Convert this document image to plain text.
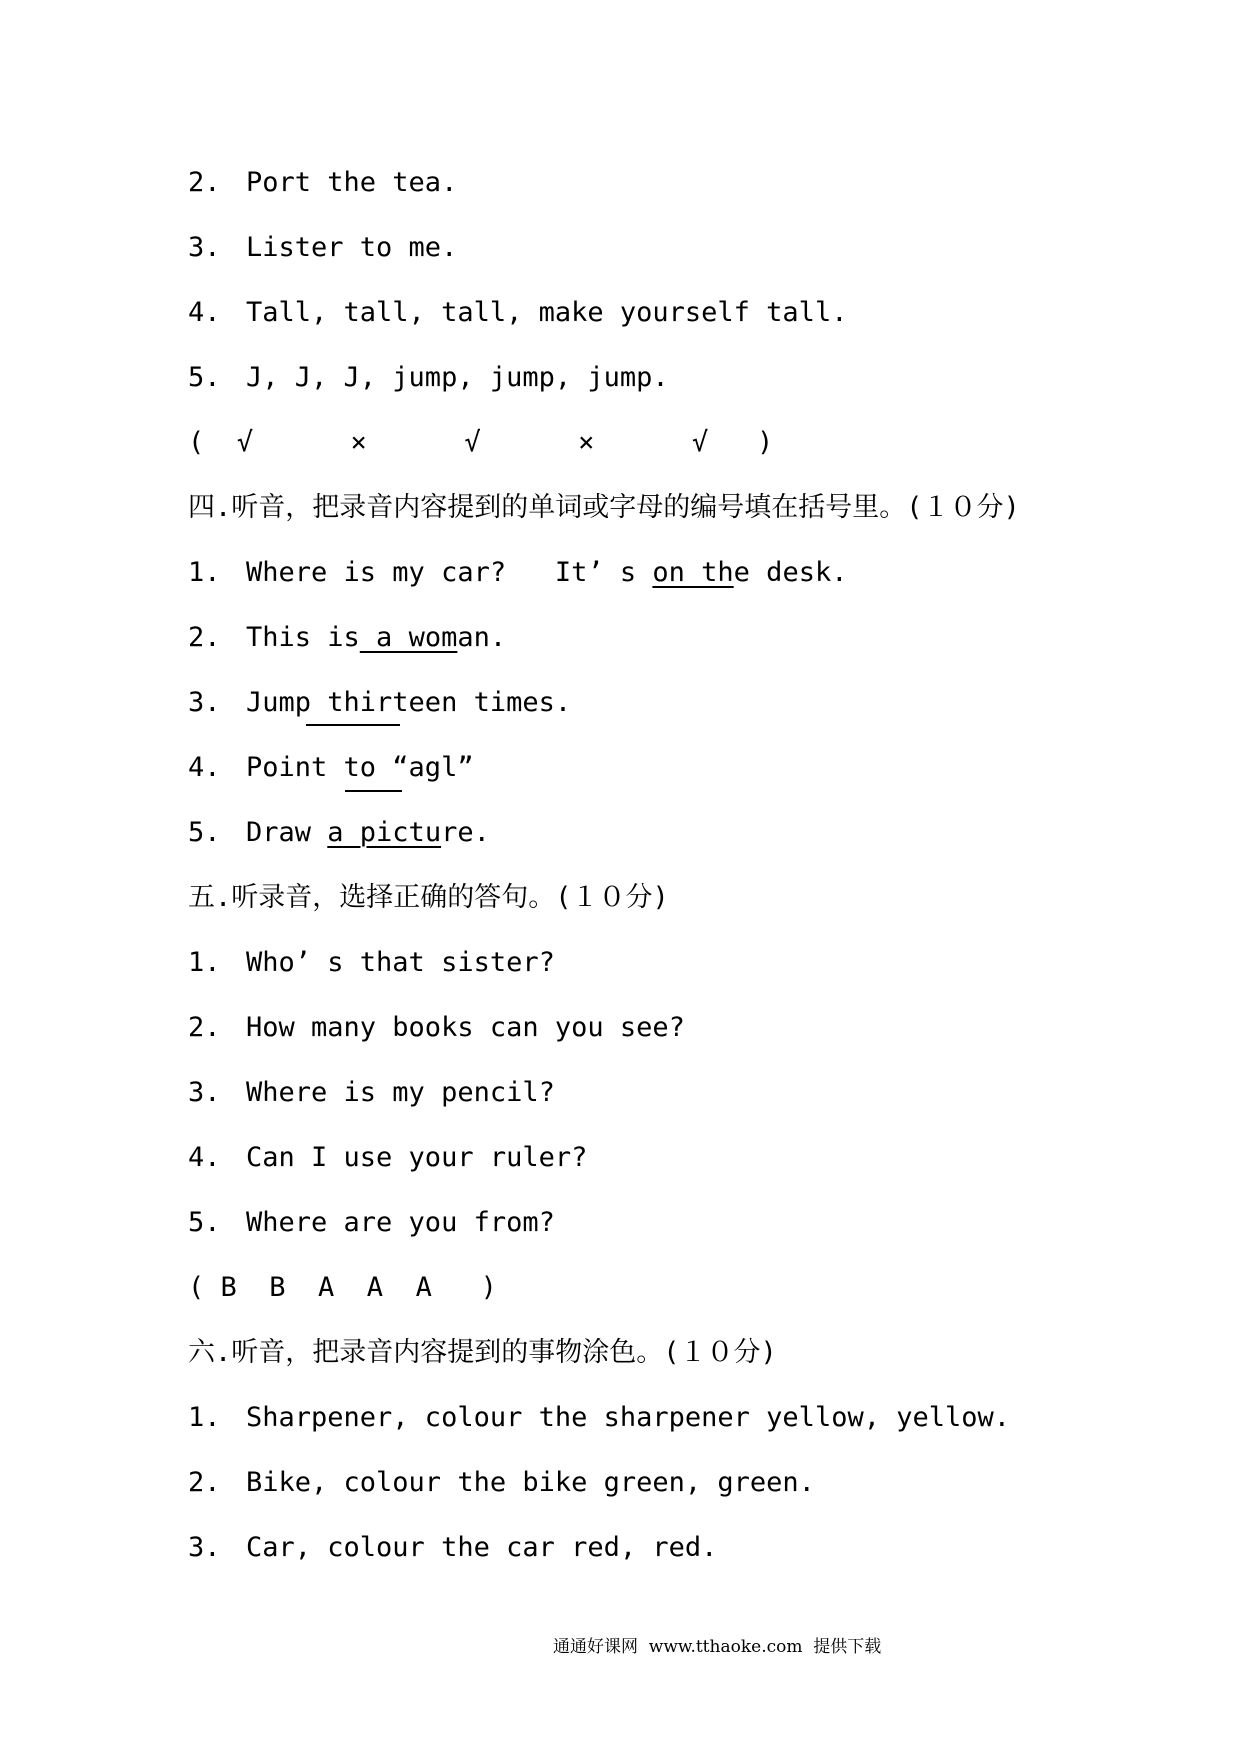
2. Port the tea.
3. Lister to me.
4. Tall, tall, tall, make yourself tall.
5. J, J, J, jump, jump, jump.
(  √      ×      √      ×      √   )
四.听音，把录音内容提到的单词或字母的编号填在括号里。(１０分)
1. Where is my car?   It’ s on the desk.
2. This is a woman.
3. Jump thirteen times.
4. Point to “agl”
5. Draw a picture.
五.听录音，选择正确的答句。(１０分)
1. Who’ s that sister?
2. How many books can you see?
3. Where is my pencil?
4. Can I use your ruler?
5. Where are you from?
( B  B  A  A  A   )
六.听音，把录音内容提到的事物涂色。(１０分)
1. Sharpener, colour the sharpener yellow, yellow.
2. Bike, colour the bike green, green.
3. Car, colour the car red, red.
通通好课网  www.tthaoke.com  提供下载
